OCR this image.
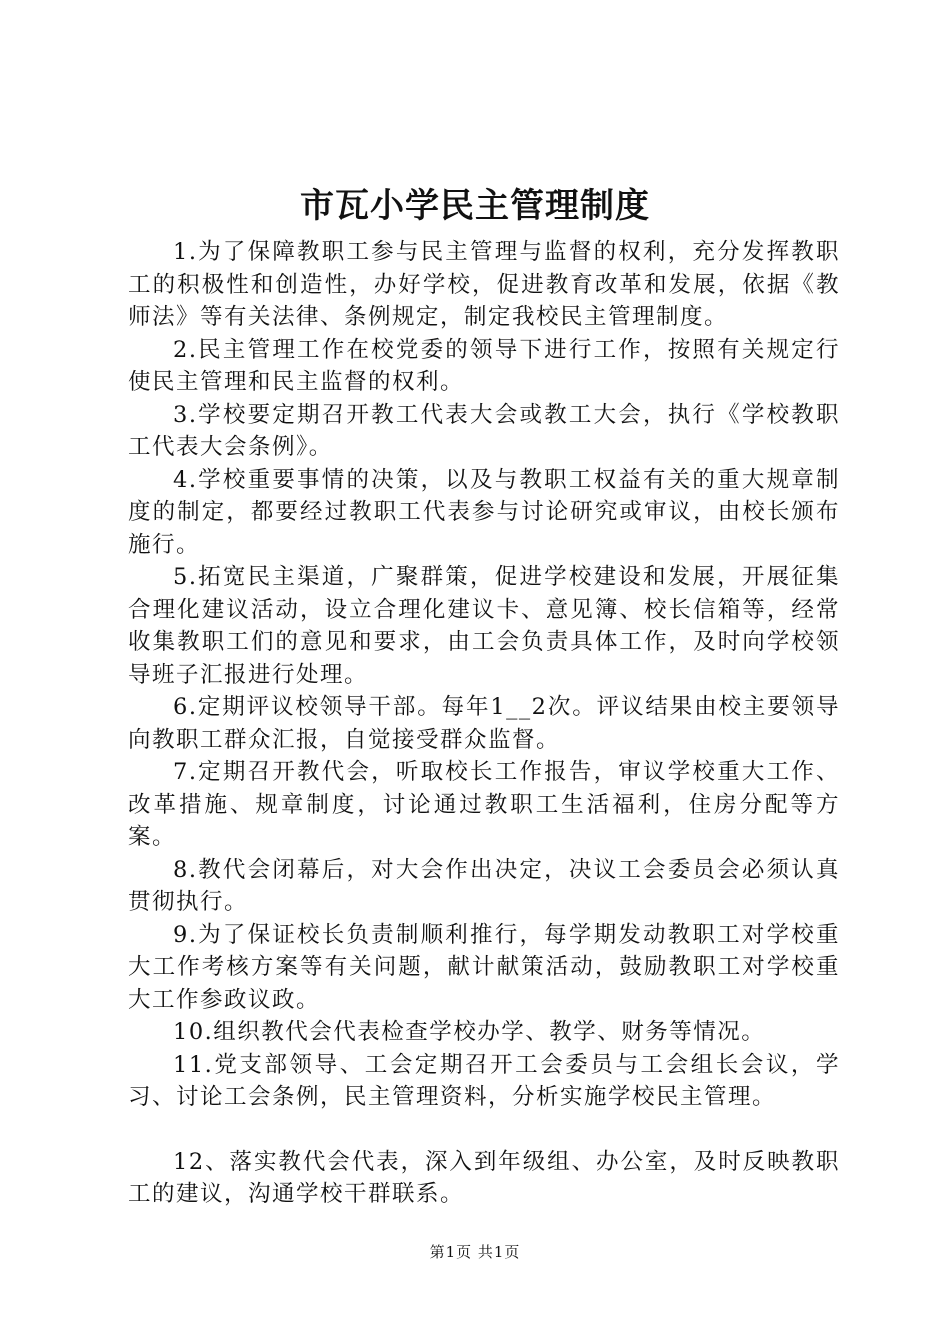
市瓦小学民主管理制度

1.为了保障教职工参与民主管理与监督的权利，充分发挥教职工的积极性和创造性，办好学校，促进教育改革和发展，依据《教师法》等有关法律、条例规定，制定我校民主管理制度。

2.民主管理工作在校党委的领导下进行工作，按照有关规定行使民主管理和民主监督的权利。

3.学校要定期召开教工代表大会或教工大会，执行《学校教职工代表大会条例》。

4.学校重要事情的决策，以及与教职工权益有关的重大规章制度的制定，都要经过教职工代表参与讨论研究或审议，由校长颁布施行。

5.拓宽民主渠道，广聚群策，促进学校建设和发展，开展征集合理化建议活动，设立合理化建议卡、意见簿、校长信箱等，经常收集教职工们的意见和要求，由工会负责具体工作，及时向学校领导班子汇报进行处理。

6.定期评议校领导干部。每年1__2次。评议结果由校主要领导向教职工群众汇报，自觉接受群众监督。

7.定期召开教代会，听取校长工作报告，审议学校重大工作、改革措施、规章制度，讨论通过教职工生活福利，住房分配等方案。

8.教代会闭幕后，对大会作出决定，决议工会委员会必须认真贯彻执行。

9.为了保证校长负责制顺利推行，每学期发动教职工对学校重大工作考核方案等有关问题，献计献策活动，鼓励教职工对学校重大工作参政议政。

10.组织教代会代表检查学校办学、教学、财务等情况。

11.党支部领导、工会定期召开工会委员与工会组长会议，学习、讨论工会条例，民主管理资料，分析实施学校民主管理。

12、落实教代会代表，深入到年级组、办公室，及时反映教职工的建议，沟通学校干群联系。

第1页 共1页
